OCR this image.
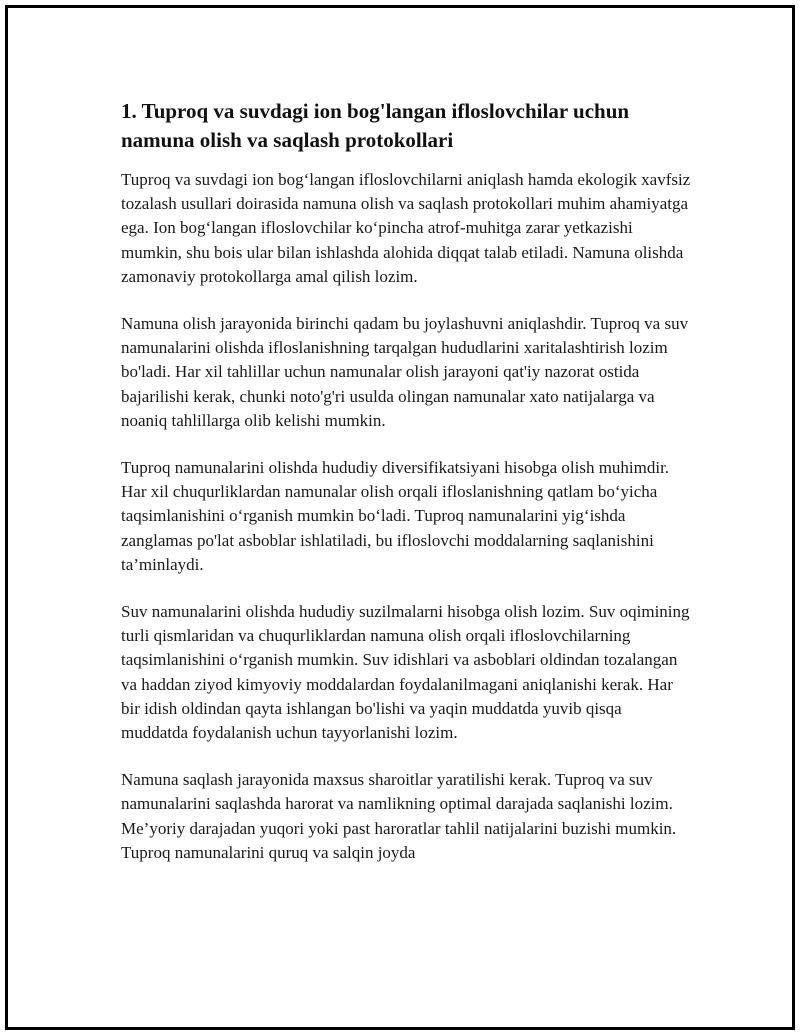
1. Tuproq va suvdagi ion bog'langan ifloslovchilar uchun namuna olish va saqlash protokollari

Tuproq va suvdagi ion bog‘langan ifloslovchilarni aniqlash hamda ekologik xavfsiz tozalash usullari doirasida namuna olish va saqlash protokollari muhim ahamiyatga ega. Ion bog‘langan ifloslovchilar ko‘pincha atrof-muhitga zarar yetkazishi mumkin, shu bois ular bilan ishlashda alohida diqqat talab etiladi. Namuna olishda zamonaviy protokollarga amal qilish lozim.

Namuna olish jarayonida birinchi qadam bu joylashuvni aniqlashdir. Tuproq va suv namunalarini olishda ifloslanishning tarqalgan hududlarini xaritalashtirish lozim bo'ladi. Har xil tahlillar uchun namunalar olish jarayoni qat'iy nazorat ostida bajarilishi kerak, chunki noto'g'ri usulda olingan namunalar xato natijalarga va noaniq tahlillarga olib kelishi mumkin.

Tuproq namunalarini olishda hududiy diversifikatsiyani hisobga olish muhimdir. Har xil chuqurliklardan namunalar olish orqali ifloslanishning qatlam bo‘yicha taqsimlanishini o‘rganish mumkin bo‘ladi. Tuproq namunalarini yig‘ishda zanglamas po'lat asboblar ishlatiladi, bu ifloslovchi moddalarning saqlanishini ta’minlaydi.

Suv namunalarini olishda hududiy suzilmalarni hisobga olish lozim. Suv oqimining turli qismlaridan va chuqurliklardan namuna olish orqali ifloslovchilarning taqsimlanishini o‘rganish mumkin. Suv idishlari va asboblari oldindan tozalangan va haddan ziyod kimyoviy moddalardan foydalanilmagani aniqlanishi kerak. Har bir idish oldindan qayta ishlangan bo'lishi va yaqin muddatda yuvib qisqa muddatda foydalanish uchun tayyorlanishi lozim.

Namuna saqlash jarayonida maxsus sharoitlar yaratilishi kerak. Tuproq va suv namunalarini saqlashda harorat va namlikning optimal darajada saqlanishi lozim. Me’yoriy darajadan yuqori yoki past haroratlar tahlil natijalarini buzishi mumkin. Tuproq namunalarini quruq va salqin joyda
